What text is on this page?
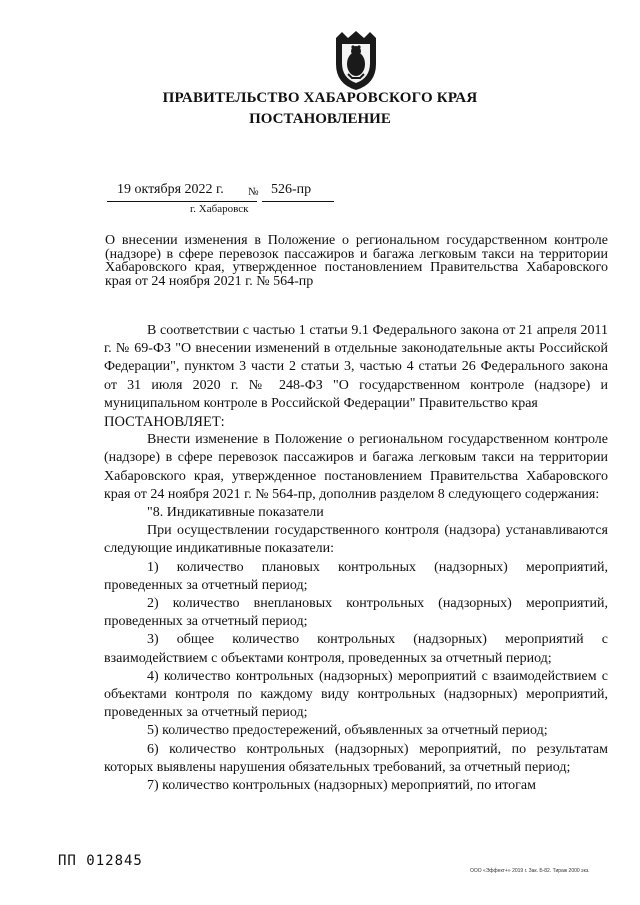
ПРАВИТЕЛЬСТВО ХАБАРОВСКОГО КРАЯ
ПОСТАНОВЛЕНИЕ
19 октября 2022 г. № 526-пр
г. Хабаровск
О внесении изменения в Положение о региональном государственном контроле (надзоре) в сфере перевозок пассажиров и багажа легковым такси на территории Хабаровского края, утвержденное постановлением Правительства Хабаровского края от 24 ноября 2021 г. № 564-пр

В соответствии с частью 1 статьи 9.1 Федерального закона от 21 апреля 2011 г. № 69-ФЗ "О внесении изменений в отдельные законодательные акты Российской Федерации", пунктом 3 части 2 статьи 3, частью 4 статьи 26 Федерального закона от 31 июля 2020 г. № 248-ФЗ "О государственном контроле (надзоре) и муниципальном контроле в Российской Федерации" Правительство края

ПОСТАНОВЛЯЕТ:

Внести изменение в Положение о региональном государственном контроле (надзоре) в сфере перевозок пассажиров и багажа легковым такси на территории Хабаровского края, утвержденное постановлением Правительства Хабаровского края от 24 ноября 2021 г. № 564-пр, дополнив разделом 8 следующего содержания:

"8. Индикативные показатели

При осуществлении государственного контроля (надзора) устанавливаются следующие индикативные показатели:

1) количество плановых контрольных (надзорных) мероприятий, проведенных за отчетный период;

2) количество внеплановых контрольных (надзорных) мероприятий, проведенных за отчетный период;

3) общее количество контрольных (надзорных) мероприятий с взаимодействием с объектами контроля, проведенных за отчетный период;

4) количество контрольных (надзорных) мероприятий с взаимодействием с объектами контроля по каждому виду контрольных (надзорных) мероприятий, проведенных за отчетный период;

5) количество предостережений, объявленных за отчетный период;

6) количество контрольных (надзорных) мероприятий, по результатам которых выявлены нарушения обязательных требований, за отчетный период;

7) количество контрольных (надзорных) мероприятий, по итогам

ПП 012845
ООО «Эффект+» 2019 г. Зак. Б-82. Тираж 2000 экз.
